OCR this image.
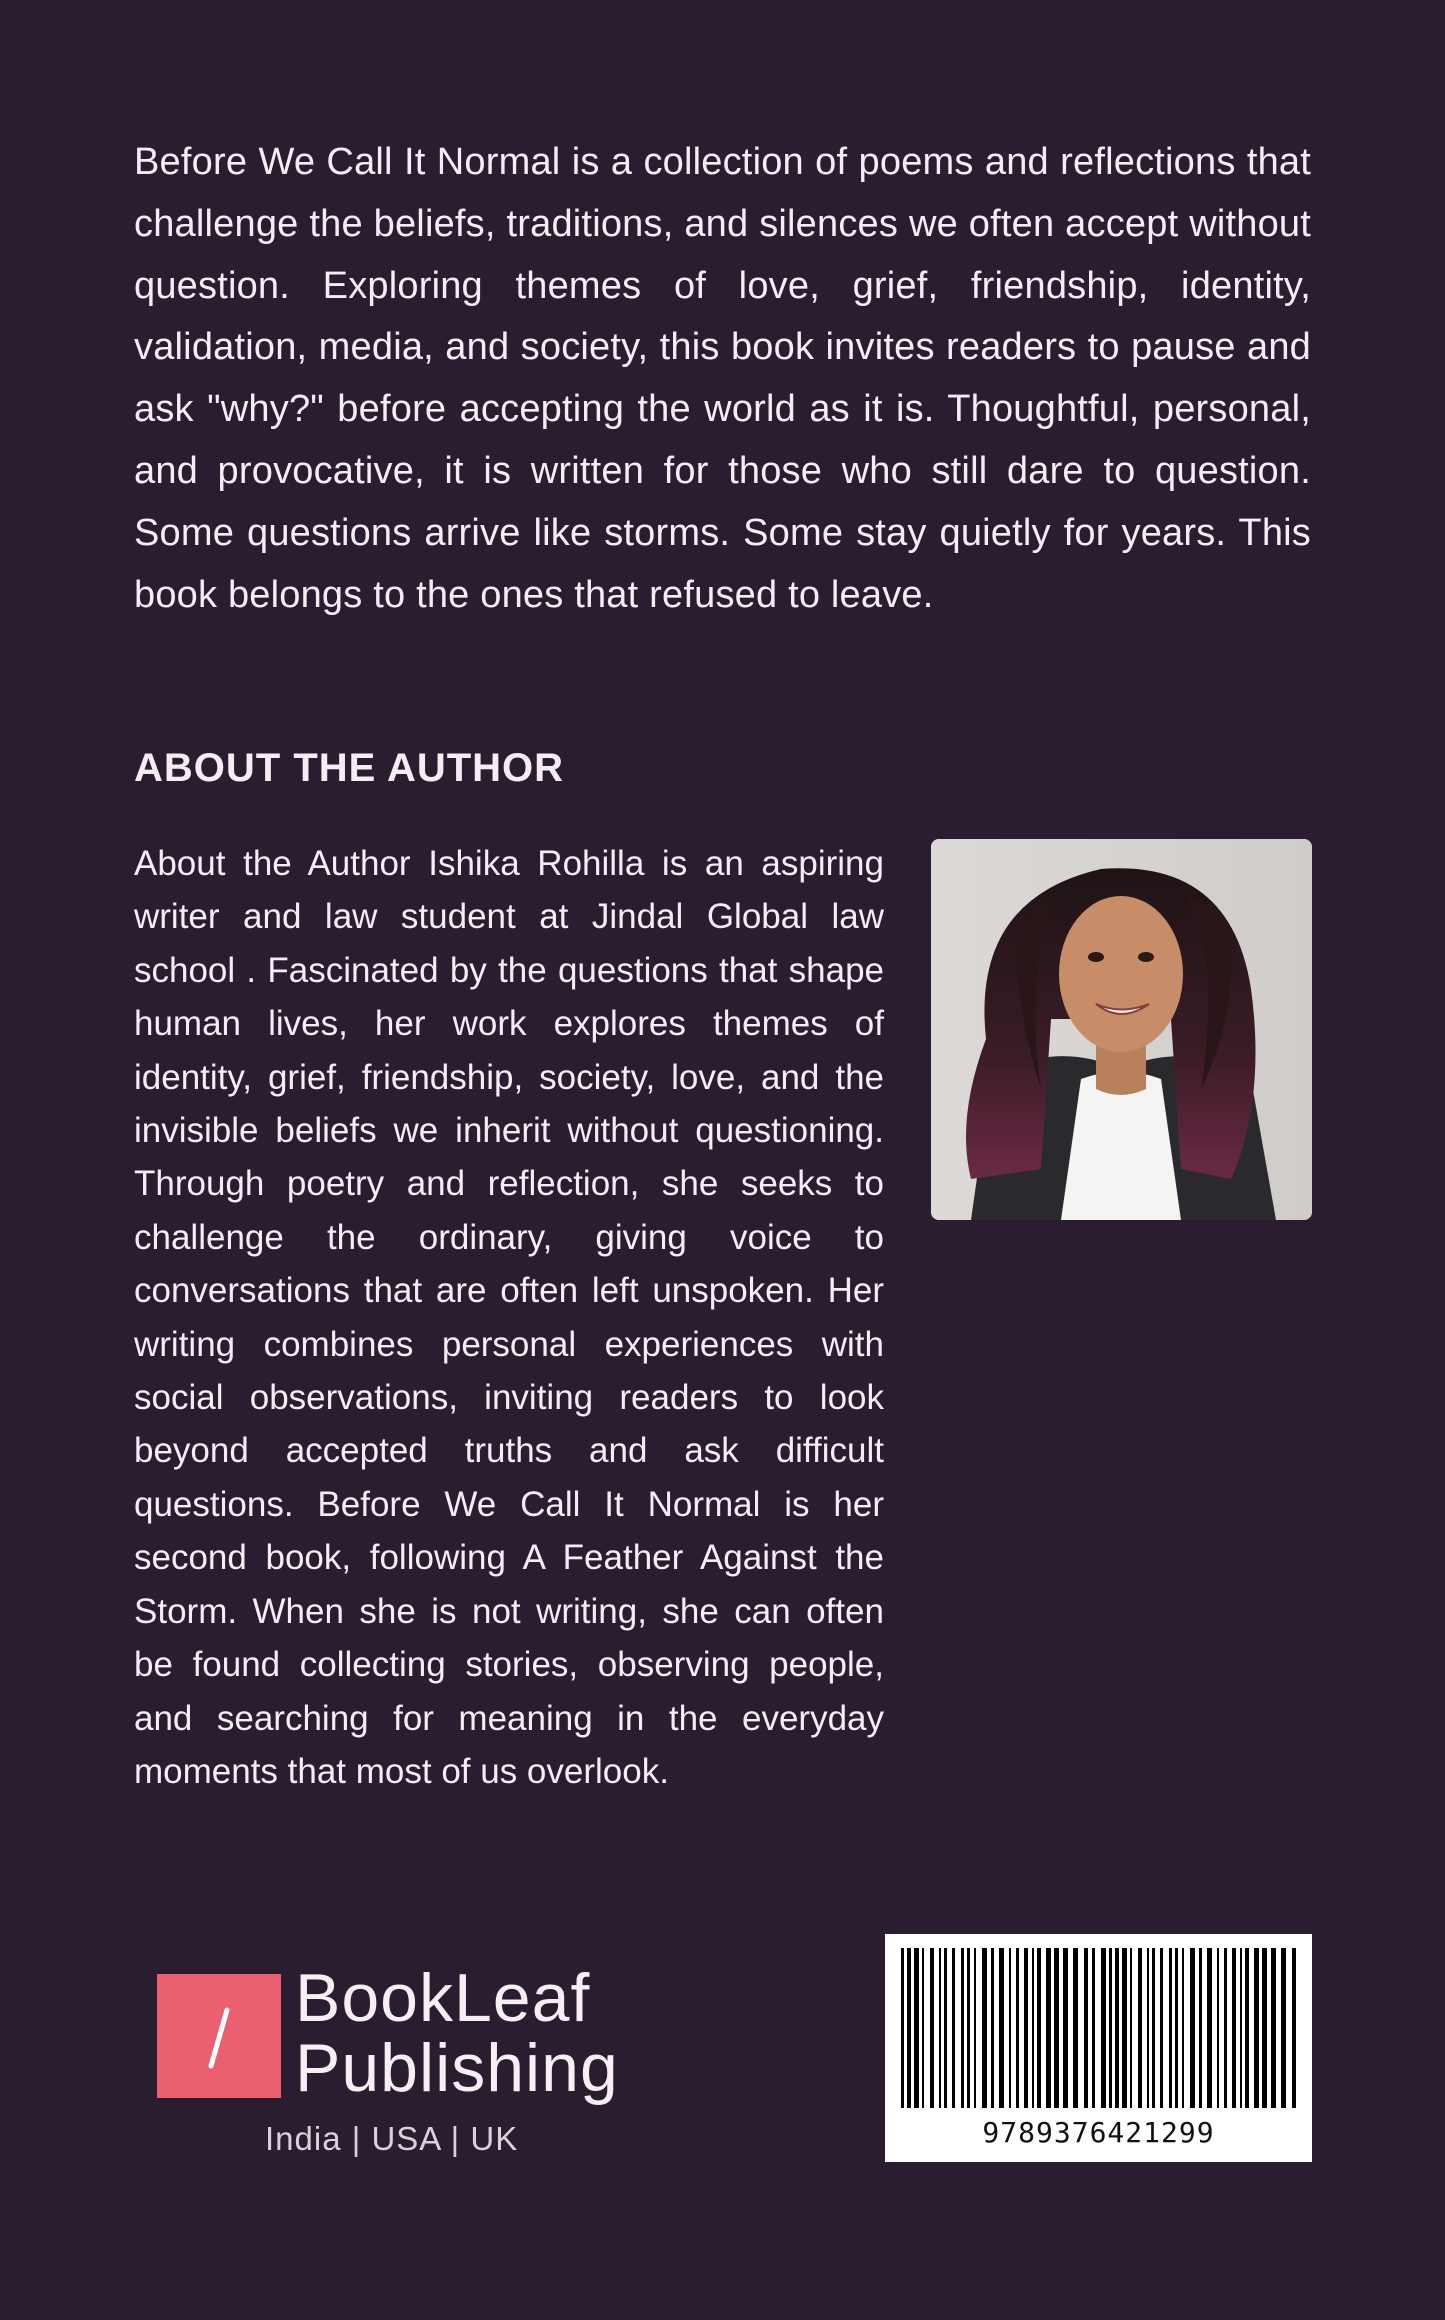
Before We Call It Normal is a collection of poems and reflections that challenge the beliefs, traditions, and silences we often accept without question. Exploring themes of love, grief, friendship, identity, validation, media, and society, this book invites readers to pause and ask "why?" before accepting the world as it is. Thoughtful, personal, and provocative, it is written for those who still dare to question. Some questions arrive like storms. Some stay quietly for years. This book belongs to the ones that refused to leave.

ABOUT THE AUTHOR

About the Author Ishika Rohilla is an aspiring writer and law student at Jindal Global law school . Fascinated by the questions that shape human lives, her work explores themes of identity, grief, friendship, society, love, and the invisible beliefs we inherit without questioning. Through poetry and reflection, she seeks to challenge the ordinary, giving voice to conversations that are often left unspoken. Her writing combines personal experiences with social observations, inviting readers to look beyond accepted truths and ask difficult questions. Before We Call It Normal is her second book, following A Feather Against the Storm. When she is not writing, she can often be found collecting stories, observing people, and searching for meaning in the everyday moments that most of us overlook.

BookLeaf
Publishing
India | USA | UK	9789376421299
